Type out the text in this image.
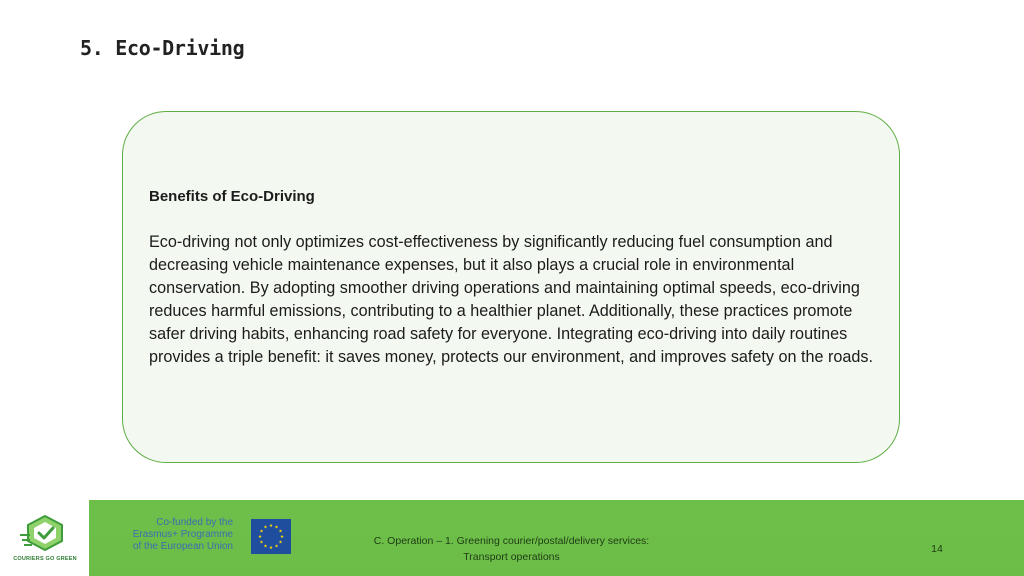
5. Eco-Driving
Benefits of Eco-Driving

Eco-driving not only optimizes cost-effectiveness by significantly reducing fuel consumption and decreasing vehicle maintenance expenses, but it also plays a crucial role in environmental conservation. By adopting smoother driving operations and maintaining optimal speeds, eco-driving reduces harmful emissions, contributing to a healthier planet. Additionally, these practices promote safer driving habits, enhancing road safety for everyone. Integrating eco-driving into daily routines provides a triple benefit: it saves money, protects our environment, and improves safety on the roads.

COURIERS GO GREEN
Co-funded by the
Erasmus+ Programme
of the European Union	C. Operation – 1. Greening courier/postal/delivery services:
Transport operations
14
